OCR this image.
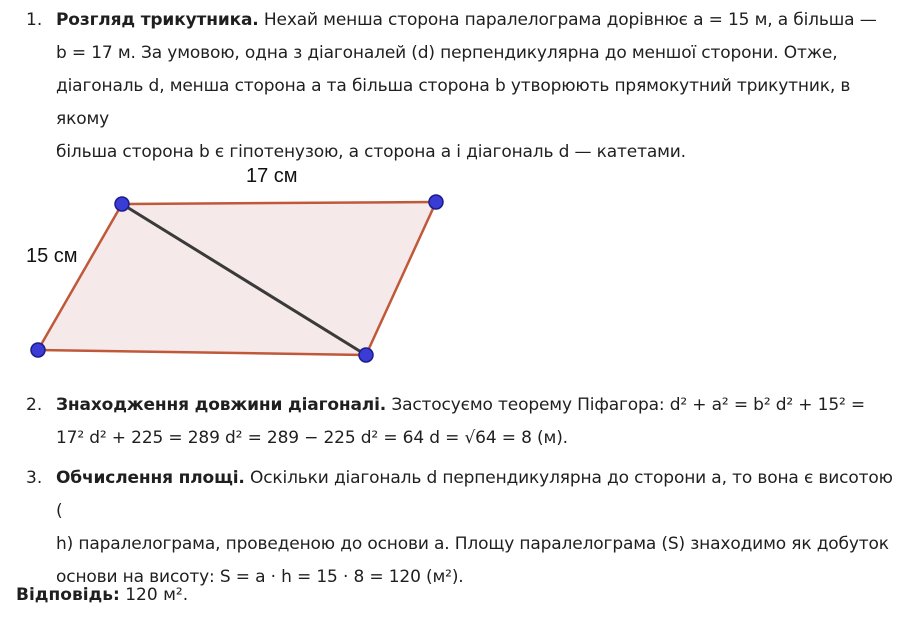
1. Розгляд трикутника. Нехай менша сторона паралелограма дорівнює a = 15 м, а більша —
b = 17 м. За умовою, одна з діагоналей (d) перпендикулярна до меншої сторони. Отже,
діагональ d, менша сторона a та більша сторона b утворюють прямокутний трикутник, в якому
більша сторона b є гіпотенузою, а сторона a і діагональ d — катетами.
17 см
15 см
2. Знаходження довжини діагоналі. Застосуємо теорему Піфагора: d² + a² = b² d² + 15² =
17² d² + 225 = 289 d² = 289 − 225 d² = 64 d = √64 = 8 (м).
3. Обчислення площі. Оскільки діагональ d перпендикулярна до сторони a, то вона є висотою (
h) паралелограма, проведеною до основи a. Площу паралелограма (S) знаходимо як добуток
основи на висоту: S = a · h = 15 · 8 = 120 (м²).
Відповідь: 120 м².
